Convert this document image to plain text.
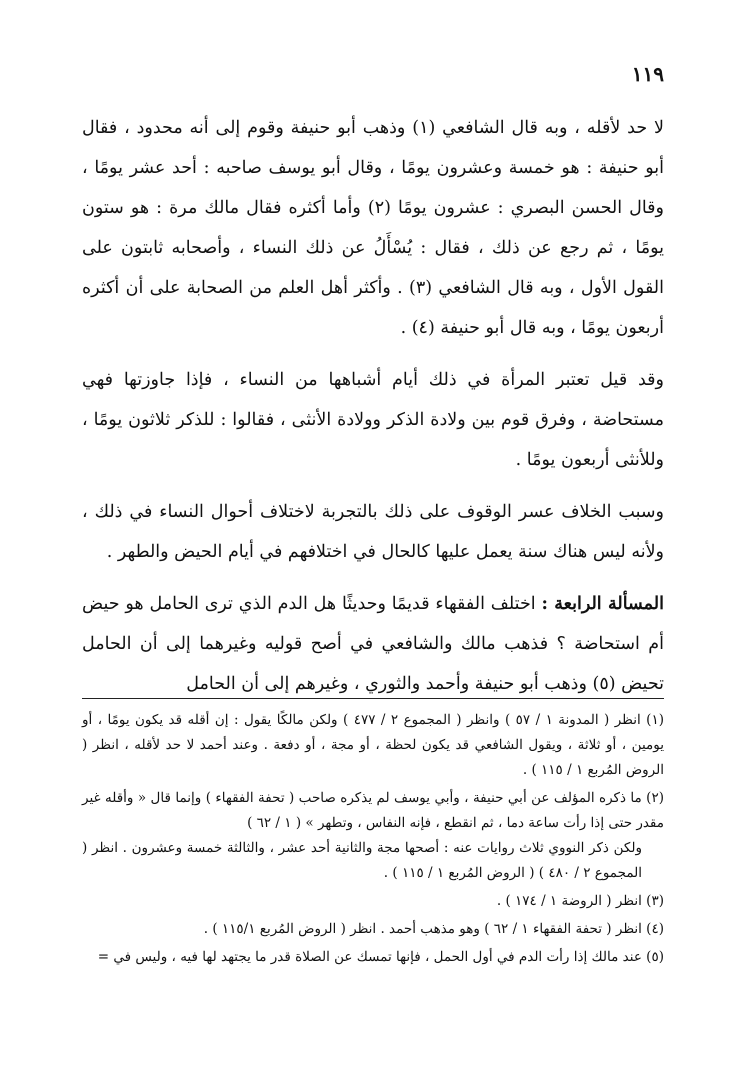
١١٩

لا حد لأقله ، وبه قال الشافعي (١) وذهب أبو حنيفة وقوم إلى أنه محدود ، فقال أبو حنيفة : هو خمسة وعشرون يومًا ، وقال أبو يوسف صاحبه : أحد عشر يومًا ، وقال الحسن البصري : عشرون يومًا (٢) وأما أكثره فقال مالك مرة : هو ستون يومًا ، ثم رجع عن ذلك ، فقال : يُسْأَلُ عن ذلك النساء ، وأصحابه ثابتون على القول الأول ، وبه قال الشافعي (٣) . وأكثر أهل العلم من الصحابة على أن أكثره أربعون يومًا ، وبه قال أبو حنيفة (٤) .

وقد قيل تعتبر المرأة في ذلك أيام أشباهها من النساء ، فإذا جاوزتها فهي مستحاضة ، وفرق قوم بين ولادة الذكر وولادة الأنثى ، فقالوا : للذكر ثلاثون يومًا ، وللأنثى أربعون يومًا .

وسبب الخلاف عسر الوقوف على ذلك بالتجربة لاختلاف أحوال النساء في ذلك ، ولأنه ليس هناك سنة يعمل عليها كالحال في اختلافهم في أيام الحيض والطهر .

المسألة الرابعة : اختلف الفقهاء قديمًا وحديثًا هل الدم الذي ترى الحامل هو حيض أم استحاضة ؟ فذهب مالك والشافعي في أصح قوليه وغيرهما إلى أن الحامل تحيض (٥) وذهب أبو حنيفة وأحمد والثوري ، وغيرهم إلى أن الحامل

(١) انظر ( المدونة ١ / ٥٧ ) وانظر ( المجموع ٢ / ٤٧٧ ) ولكن مالكًا يقول : إن أقله قد يكون يومًا ، أو يومين ، أو ثلاثة ، ويقول الشافعي قد يكون لحظة ، أو مجة ، أو دفعة . وعند أحمد لا حد لأقله ، انظر ( الروض المُربع ١ / ١١٥ ) .

(٢) ما ذكره المؤلف عن أبي حنيفة ، وأبي يوسف لم يذكره صاحب ( تحفة الفقهاء ) وإنما قال « وأقله غير مقدر حتى إذا رأت ساعة دما ، ثم انقطع ، فإنه النفاس ، وتطهر » ( ١ / ٦٢ )
ولكن ذكر النووي ثلاث روايات عنه : أصحها مجة والثانية أحد عشر ، والثالثة خمسة وعشرون . انظر ( المجموع ٢ / ٤٨٠ ) ( الروض المُربع ١ / ١١٥ ) .

(٣) انظر ( الروضة ١ / ١٧٤ ) .

(٤) انظر ( تحفة الفقهاء ١ / ٦٢ ) وهو مذهب أحمد . انظر ( الروض المُربع ١١٥/١ ) .

(٥) عند مالك إذا رأت الدم في أول الحمل ، فإنها تمسك عن الصلاة قدر ما يجتهد لها فيه ، وليس في =
